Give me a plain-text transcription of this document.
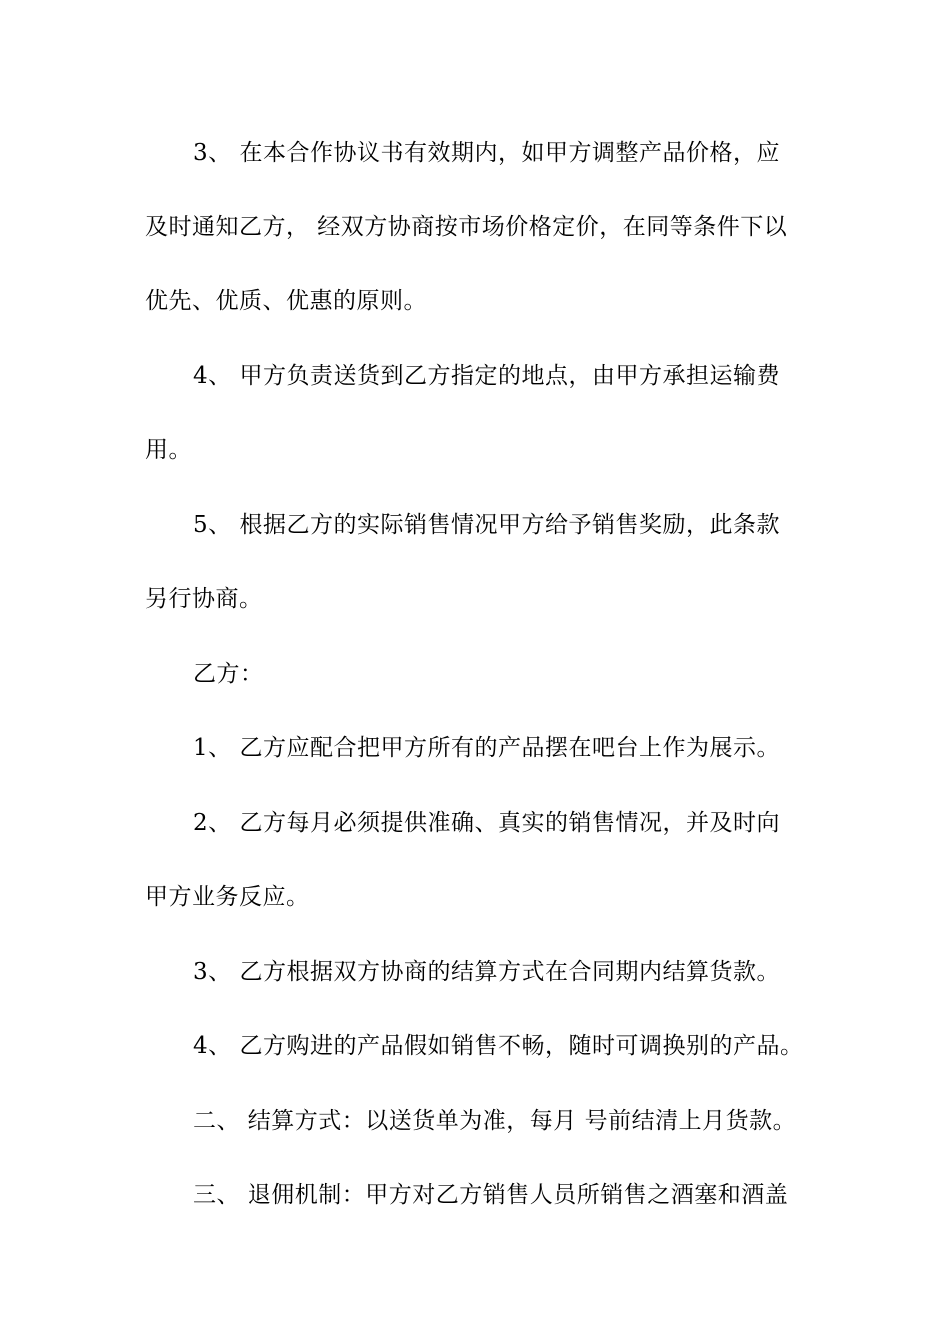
3、 在本合作协议书有效期内，如甲方调整产品价格，应
及时通知乙方， 经双方协商按市场价格定价，在同等条件下以
优先、优质、优惠的原则。
4、 甲方负责送货到乙方指定的地点，由甲方承担运输费
用。
5、 根据乙方的实际销售情况甲方给予销售奖励，此条款
另行协商。
乙方：
1、 乙方应配合把甲方所有的产品摆在吧台上作为展示。
2、 乙方每月必须提供准确、真实的销售情况，并及时向
甲方业务反应。
3、 乙方根据双方协商的结算方式在合同期内结算货款。
4、 乙方购进的产品假如销售不畅，随时可调换别的产品。
二、 结算方式：以送货单为准，每月 号前结清上月货款。
三、 退佣机制：甲方对乙方销售人员所销售之酒塞和酒盖
